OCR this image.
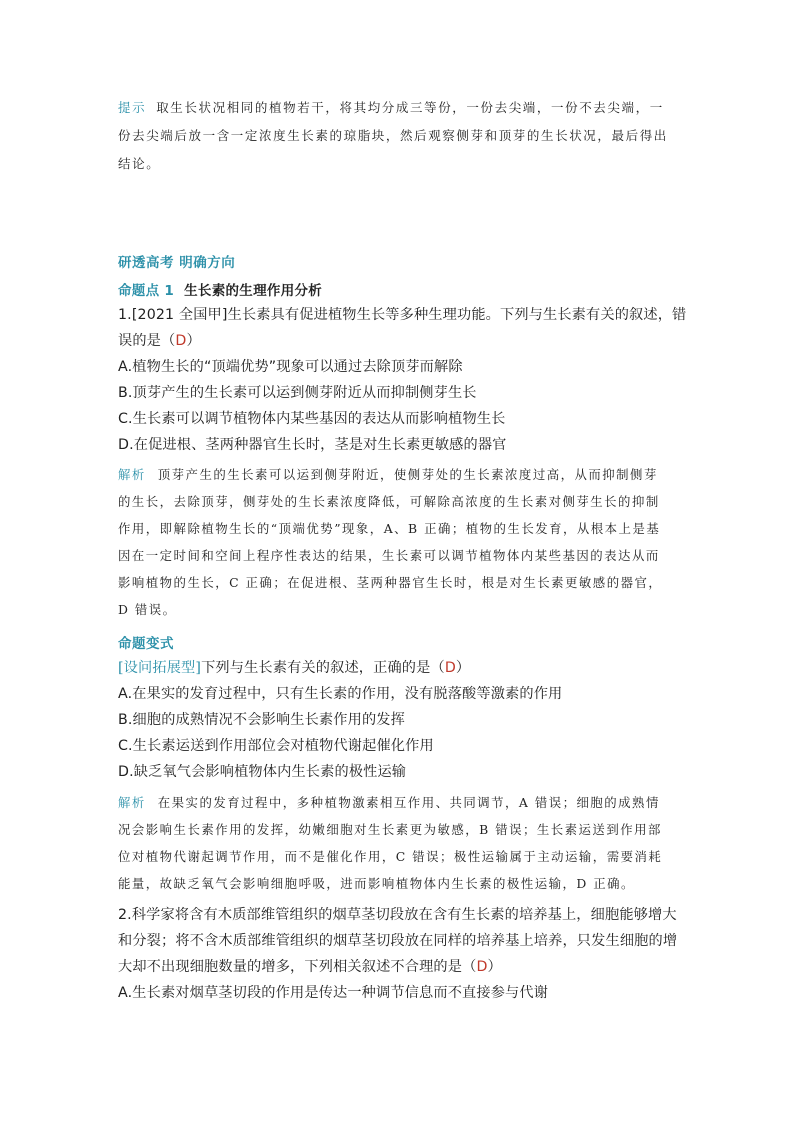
提示 取生长状况相同的植物若干，将其均分成三等份，一份去尖端，一份不去尖端，一
份去尖端后放一含一定浓度生长素的琼脂块，然后观察侧芽和顶芽的生长状况，最后得出
结论。
研透高考 明确方向
命题点 1 生长素的生理作用分析
1.[2021 全国甲]生长素具有促进植物生长等多种生理功能。下列与生长素有关的叙述，错
误的是（D）
A.植物生长的“顶端优势”现象可以通过去除顶芽而解除
B.顶芽产生的生长素可以运到侧芽附近从而抑制侧芽生长
C.生长素可以调节植物体内某些基因的表达从而影响植物生长
D.在促进根、茎两种器官生长时，茎是对生长素更敏感的器官
解析 顶芽产生的生长素可以运到侧芽附近，使侧芽处的生长素浓度过高，从而抑制侧芽
的生长，去除顶芽，侧芽处的生长素浓度降低，可解除高浓度的生长素对侧芽生长的抑制
作用，即解除植物生长的“顶端优势”现象，A、B 正确；植物的生长发育，从根本上是基
因在一定时间和空间上程序性表达的结果，生长素可以调节植物体内某些基因的表达从而
影响植物的生长，C 正确；在促进根、茎两种器官生长时，根是对生长素更敏感的器官，
D 错误。
命题变式
[设问拓展型]下列与生长素有关的叙述，正确的是（D）
A.在果实的发育过程中，只有生长素的作用，没有脱落酸等激素的作用
B.细胞的成熟情况不会影响生长素作用的发挥
C.生长素运送到作用部位会对植物代谢起催化作用
D.缺乏氧气会影响植物体内生长素的极性运输
解析 在果实的发育过程中，多种植物激素相互作用、共同调节，A 错误；细胞的成熟情
况会影响生长素作用的发挥，幼嫩细胞对生长素更为敏感，B 错误；生长素运送到作用部
位对植物代谢起调节作用，而不是催化作用，C 错误；极性运输属于主动运输，需要消耗
能量，故缺乏氧气会影响细胞呼吸，进而影响植物体内生长素的极性运输，D 正确。
2.科学家将含有木质部维管组织的烟草茎切段放在含有生长素的培养基上，细胞能够增大
和分裂；将不含木质部维管组织的烟草茎切段放在同样的培养基上培养，只发生细胞的增
大却不出现细胞数量的增多，下列相关叙述不合理的是（D）
A.生长素对烟草茎切段的作用是传达一种调节信息而不直接参与代谢
